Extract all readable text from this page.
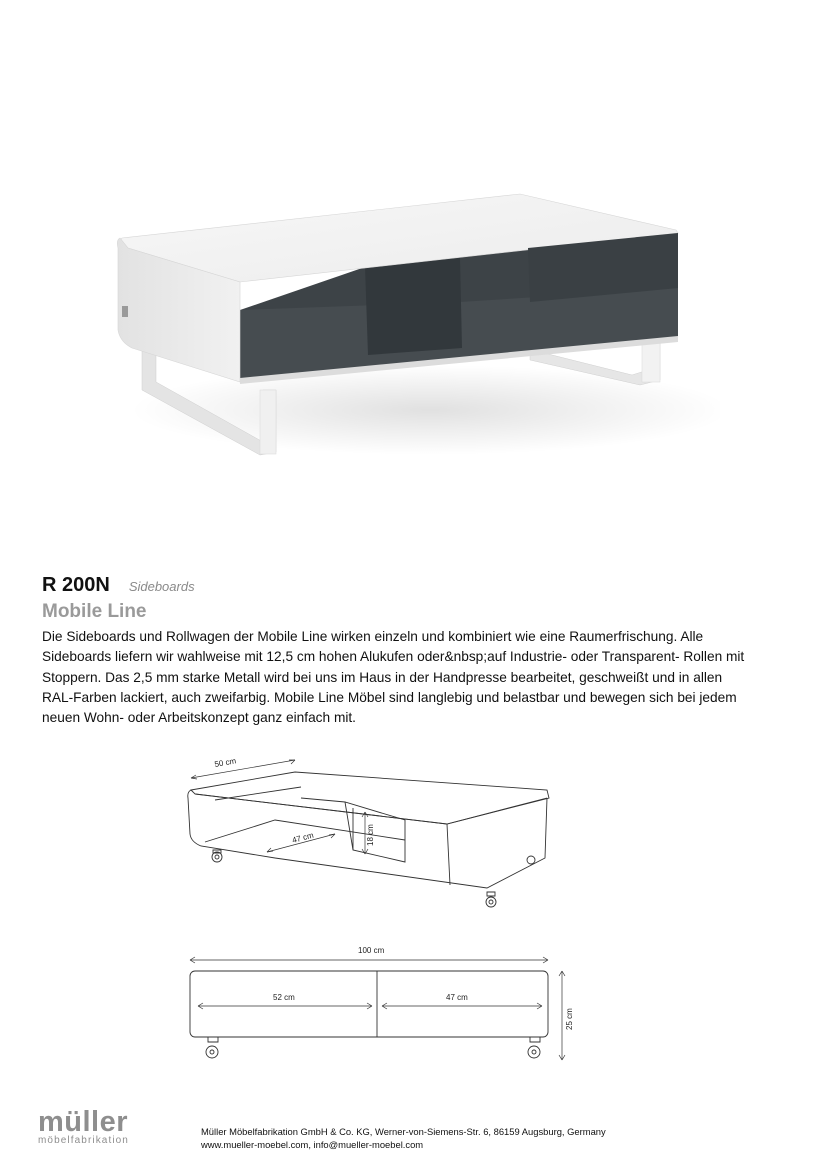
R 200N Sideboards
Mobile Line

Die Sideboards und Rollwagen der Mobile Line wirken einzeln und kombiniert wie eine Raumerfrischung. Alle Sideboards liefern wir wahlweise mit 12,5 cm hohen Alukufen oder&nbsp;auf Industrie- oder Transparent- Rollen mit Stoppern. Das 2,5 mm starke Metall wird bei uns im Haus in der Handpresse bearbeitet, geschweißt und in allen RAL-Farben lackiert, auch zweifarbig. Mobile Line Möbel sind langlebig und belastbar und bewegen sich bei jedem neuen Wohn- oder Arbeitskonzept ganz einfach mit.

50 cm
47 cm	18 cm
100 cm
52 cm	47 cm
25 cm
müller
möbelfabrikation
Müller Möbelfabrikation GmbH & Co. KG, Werner-von-Siemens-Str. 6, 86159 Augsburg, Germany
www.mueller-moebel.com, info@mueller-moebel.com
